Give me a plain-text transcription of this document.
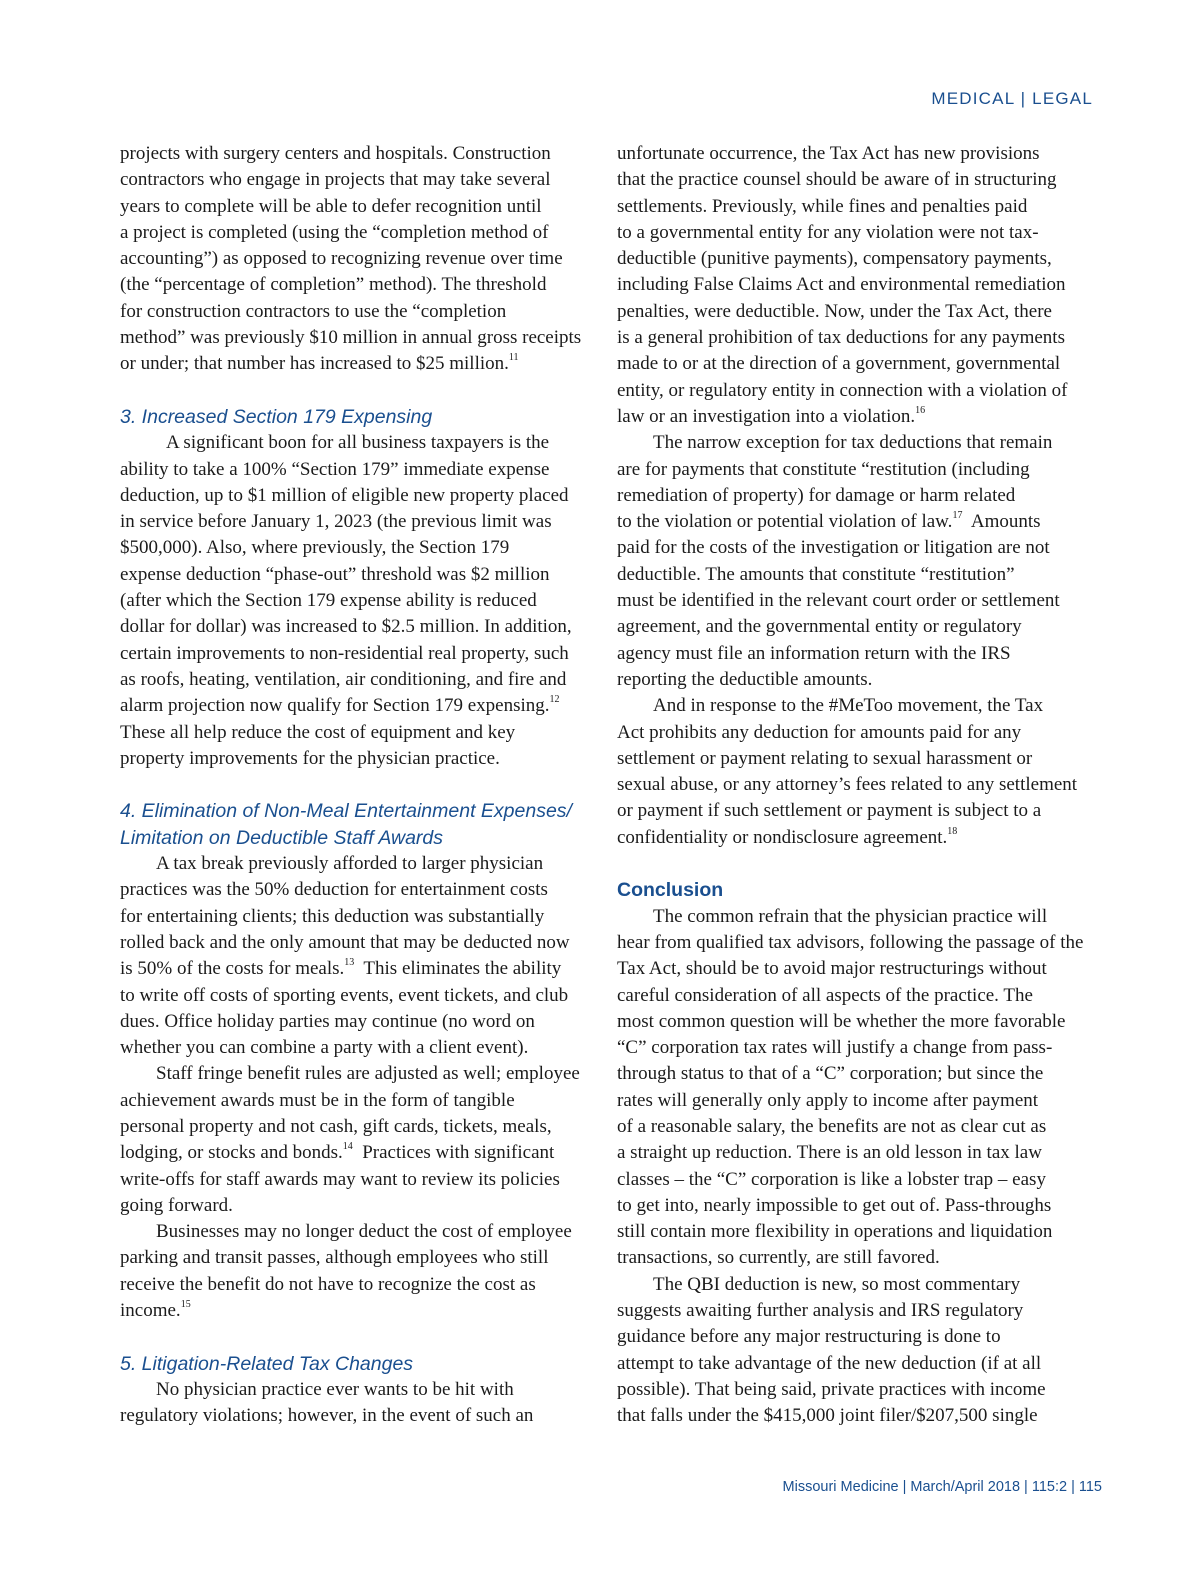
MEDICAL | LEGAL
projects with surgery centers and hospitals. Construction
contractors who engage in projects that may take several
years to complete will be able to defer recognition until
a project is completed (using the “completion method of
accounting”) as opposed to recognizing revenue over time
(the “percentage of completion” method). The threshold
for construction contractors to use the “completion
method” was previously $10 million in annual gross receipts
or under; that number has increased to $25 million.$^{11}$
3. Increased Section 179 Expensing
A significant boon for all business taxpayers is the
ability to take a 100% “Section 179” immediate expense
deduction, up to $1 million of eligible new property placed
in service before January 1, 2023 (the previous limit was
$500,000). Also, where previously, the Section 179
expense deduction “phase-out” threshold was $2 million
(after which the Section 179 expense ability is reduced
dollar for dollar) was increased to $2.5 million. In addition,
certain improvements to non-residential real property, such
as roofs, heating, ventilation, air conditioning, and fire and
alarm projection now qualify for Section 179 expensing.$^{12}$
These all help reduce the cost of equipment and key
property improvements for the physician practice.
4. Elimination of Non-Meal Entertainment Expenses/
Limitation on Deductible Staff Awards
A tax break previously afforded to larger physician
practices was the 50% deduction for entertainment costs
for entertaining clients; this deduction was substantially
rolled back and the only amount that may be deducted now
is 50% of the costs for meals.$^{13}$  This eliminates the ability
to write off costs of sporting events, event tickets, and club
dues. Office holiday parties may continue (no word on
whether you can combine a party with a client event).
Staff fringe benefit rules are adjusted as well; employee
achievement awards must be in the form of tangible
personal property and not cash, gift cards, tickets, meals,
lodging, or stocks and bonds.$^{14}$  Practices with significant
write-offs for staff awards may want to review its policies
going forward.
Businesses may no longer deduct the cost of employee
parking and transit passes, although employees who still
receive the benefit do not have to recognize the cost as
income.$^{15}$
5. Litigation-Related Tax Changes
No physician practice ever wants to be hit with
regulatory violations; however, in the event of such an
unfortunate occurrence, the Tax Act has new provisions
that the practice counsel should be aware of in structuring
settlements. Previously, while fines and penalties paid
to a governmental entity for any violation were not tax-
deductible (punitive payments), compensatory payments,
including False Claims Act and environmental remediation
penalties, were deductible. Now, under the Tax Act, there
is a general prohibition of tax deductions for any payments
made to or at the direction of a government, governmental
entity, or regulatory entity in connection with a violation of
law or an investigation into a violation.$^{16}$
The narrow exception for tax deductions that remain
are for payments that constitute “restitution (including
remediation of property) for damage or harm related
to the violation or potential violation of law.$^{17}$  Amounts
paid for the costs of the investigation or litigation are not
deductible. The amounts that constitute “restitution”
must be identified in the relevant court order or settlement
agreement, and the governmental entity or regulatory
agency must file an information return with the IRS
reporting the deductible amounts.
And in response to the #MeToo movement, the Tax
Act prohibits any deduction for amounts paid for any
settlement or payment relating to sexual harassment or
sexual abuse, or any attorney’s fees related to any settlement
or payment if such settlement or payment is subject to a
confidentiality or nondisclosure agreement.$^{18}$
Conclusion
The common refrain that the physician practice will
hear from qualified tax advisors, following the passage of the
Tax Act, should be to avoid major restructurings without
careful consideration of all aspects of the practice. The
most common question will be whether the more favorable
“C” corporation tax rates will justify a change from pass-
through status to that of a “C” corporation; but since the
rates will generally only apply to income after payment
of a reasonable salary, the benefits are not as clear cut as
a straight up reduction. There is an old lesson in tax law
classes – the “C” corporation is like a lobster trap – easy
to get into, nearly impossible to get out of. Pass-throughs
still contain more flexibility in operations and liquidation
transactions, so currently, are still favored.
The QBI deduction is new, so most commentary
suggests awaiting further analysis and IRS regulatory
guidance before any major restructuring is done to
attempt to take advantage of the new deduction (if at all
possible). That being said, private practices with income
that falls under the $415,000 joint filer/$207,500 single
Missouri Medicine | March/April 2018 | 115:2 | 115
